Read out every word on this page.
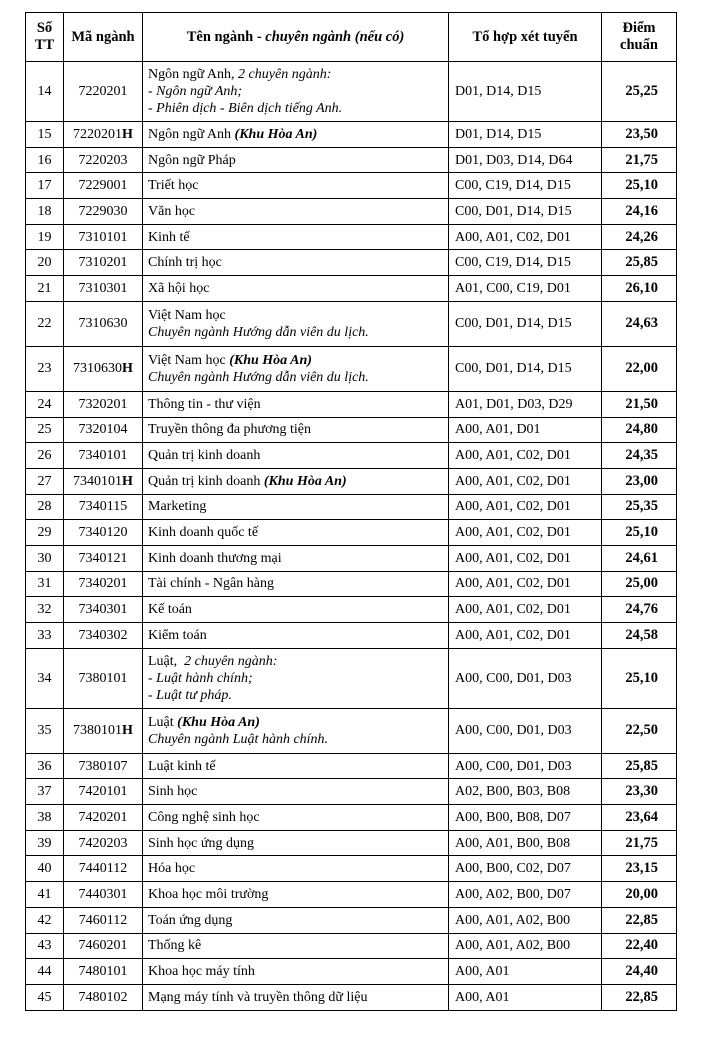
Số TT	Mã ngành	Tên ngành - chuyên ngành (nếu có)	Tổ hợp xét tuyển	Điểm chuẩn
14	7220201	Ngôn ngữ Anh, 2 chuyên ngành:
- Ngôn ngữ Anh;
- Phiên dịch - Biên dịch tiếng Anh.	D01, D14, D15	25,25
15	7220201H	Ngôn ngữ Anh (Khu Hòa An)	D01, D14, D15	23,50
16	7220203	Ngôn ngữ Pháp	D01, D03, D14, D64	21,75
17	7229001	Triết học	C00, C19, D14, D15	25,10
18	7229030	Văn học	C00, D01, D14, D15	24,16
19	7310101	Kinh tế	A00, A01, C02, D01	24,26
20	7310201	Chính trị học	C00, C19, D14, D15	25,85
21	7310301	Xã hội học	A01, C00, C19, D01	26,10
22	7310630	Việt Nam học
Chuyên ngành Hướng dẫn viên du lịch.	C00, D01, D14, D15	24,63
23	7310630H	Việt Nam học (Khu Hòa An)
Chuyên ngành Hướng dẫn viên du lịch.	C00, D01, D14, D15	22,00
24	7320201	Thông tin - thư viện	A01, D01, D03, D29	21,50
25	7320104	Truyền thông đa phương tiện	A00, A01, D01	24,80
26	7340101	Quản trị kinh doanh	A00, A01, C02, D01	24,35
27	7340101H	Quản trị kinh doanh (Khu Hòa An)	A00, A01, C02, D01	23,00
28	7340115	Marketing	A00, A01, C02, D01	25,35
29	7340120	Kinh doanh quốc tế	A00, A01, C02, D01	25,10
30	7340121	Kinh doanh thương mại	A00, A01, C02, D01	24,61
31	7340201	Tài chính - Ngân hàng	A00, A01, C02, D01	25,00
32	7340301	Kế toán	A00, A01, C02, D01	24,76
33	7340302	Kiểm toán	A00, A01, C02, D01	24,58
34	7380101	Luật,  2 chuyên ngành:
- Luật hành chính;
- Luật tư pháp.	A00, C00, D01, D03	25,10
35	7380101H	Luật (Khu Hòa An)
Chuyên ngành Luật hành chính.	A00, C00, D01, D03	22,50
36	7380107	Luật kinh tế	A00, C00, D01, D03	25,85
37	7420101	Sinh học	A02, B00, B03, B08	23,30
38	7420201	Công nghệ sinh học	A00, B00, B08, D07	23,64
39	7420203	Sinh học ứng dụng	A00, A01, B00, B08	21,75
40	7440112	Hóa học	A00, B00, C02, D07	23,15
41	7440301	Khoa học môi trường	A00, A02, B00, D07	20,00
42	7460112	Toán ứng dụng	A00, A01, A02, B00	22,85
43	7460201	Thống kê	A00, A01, A02, B00	22,40
44	7480101	Khoa học máy tính	A00, A01	24,40
45	7480102	Mạng máy tính và truyền thông dữ liệu	A00, A01	22,85
